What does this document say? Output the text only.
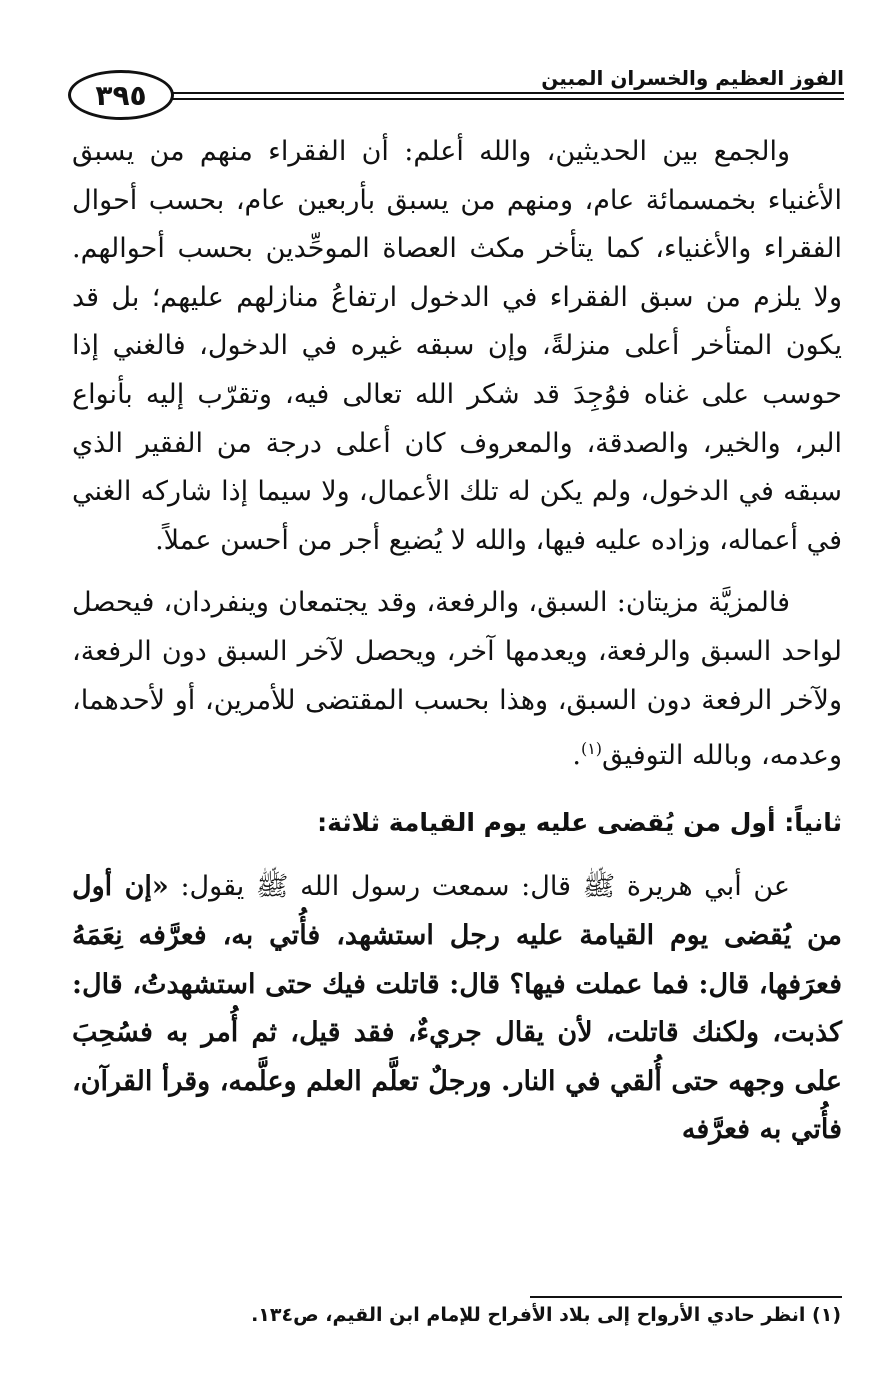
٣٩٥
الفوز العظيم والخسران المبين

والجمع بين الحديثين، والله أعلم: أن الفقراء منهم من يسبق الأغنياء بخمسمائة عام، ومنهم من يسبق بأربعين عام، بحسب أحوال الفقراء والأغنياء، كما يتأخر مكث العصاة الموحِّدين بحسب أحوالهم. ولا يلزم من سبق الفقراء في الدخول ارتفاعُ منازلهم عليهم؛ بل قد يكون المتأخر أعلى منزلةً، وإن سبقه غيره في الدخول، فالغني إذا حوسب على غناه فوُجِدَ قد شكر الله تعالى فيه، وتقرّب إليه بأنواع البر، والخير، والصدقة، والمعروف كان أعلى درجة من الفقير الذي سبقه في الدخول، ولم يكن له تلك الأعمال، ولا سيما إذا شاركه الغني في أعماله، وزاده عليه فيها، والله لا يُضيع أجر من أحسن عملاً.

فالمزيَّة مزيتان: السبق، والرفعة، وقد يجتمعان وينفردان، فيحصل لواحد السبق والرفعة، ويعدمها آخر، ويحصل لآخر السبق دون الرفعة، ولآخر الرفعة دون السبق، وهذا بحسب المقتضى للأمرين، أو لأحدهما، وعدمه، وبالله التوفيق$^{(١)}$.

ثانياً: أول من يُقضى عليه يوم القيامة ثلاثة:

عن أبي هريرة ﷺ قال: سمعت رسول الله ﷺ يقول: «إن أول من يُقضى يوم القيامة عليه رجل استشهد، فأُتي به، فعرَّفه نِعَمَهُ فعرَفها، قال: فما عملت فيها؟ قال: قاتلت فيك حتى استشهدتُ، قال: كذبت، ولكنك قاتلت، لأن يقال جريءٌ، فقد قيل، ثم أُمر به فسُحِبَ على وجهه حتى أُلقي في النار. ورجلٌ تعلَّم العلم وعلَّمه، وقرأ القرآن، فأُتي به فعرَّفه

(١) انظر حادي الأرواح إلى بلاد الأفراح للإمام ابن القيم، ص١٣٤.
